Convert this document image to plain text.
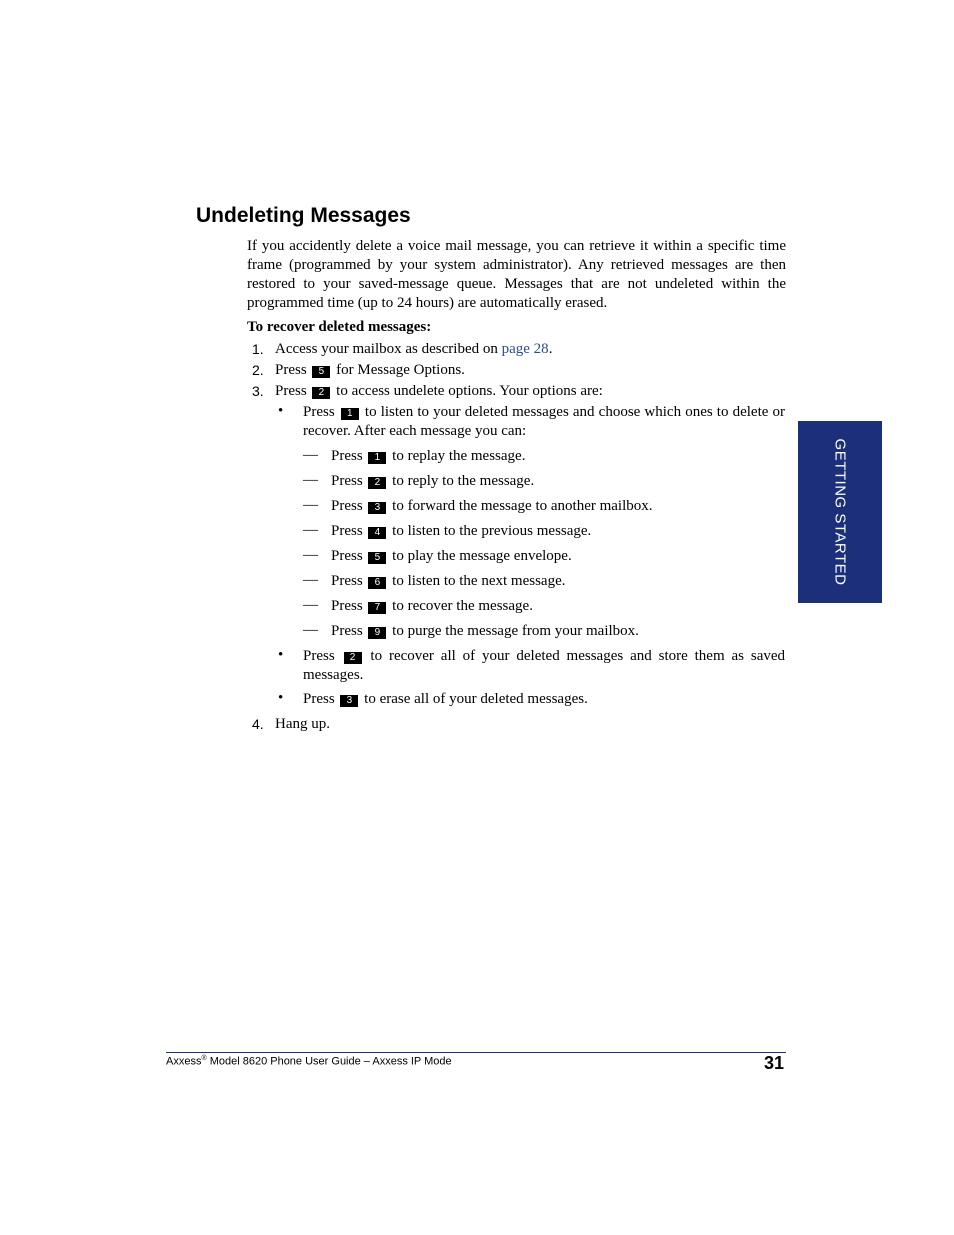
Undeleting Messages

If you accidently delete a voice mail message, you can retrieve it within a specific time frame (programmed by your system administrator). Any retrieved messages are then restored to your saved-message queue. Messages that are not undeleted within the programmed time (up to 24 hours) are automatically erased.

To recover deleted messages:

1. Access your mailbox as described on page 28.
2. Press 5 for Message Options.
3. Press 2 to access undelete options. Your options are:
• Press 1 to listen to your deleted messages and choose which ones to delete or recover. After each message you can:
— Press 1 to replay the message.
— Press 2 to reply to the message.
— Press 3 to forward the message to another mailbox.
— Press 4 to listen to the previous message.
— Press 5 to play the message envelope.
— Press 6 to listen to the next message.
— Press 7 to recover the message.
— Press 9 to purge the message from your mailbox.
• Press 2 to recover all of your deleted messages and store them as saved messages.
• Press 3 to erase all of your deleted messages.
4. Hang up.
GETTING STARTED
Axxess® Model 8620 Phone User Guide – Axxess IP Mode	31
